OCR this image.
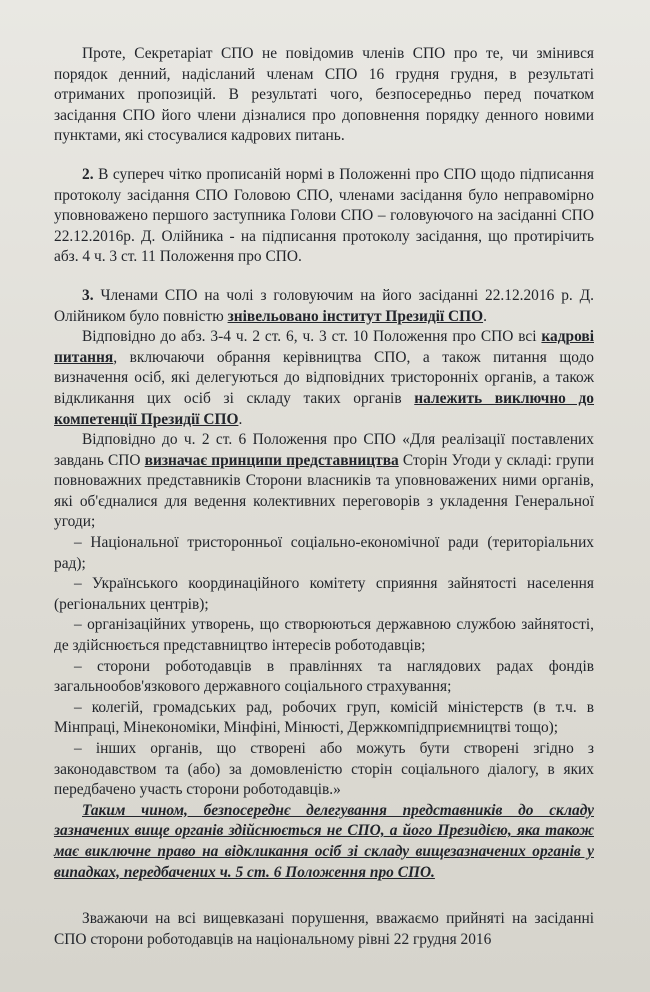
Проте, Секретаріат СПО не повідомив членів СПО про те, чи змінився порядок денний, надісланий членам СПО 16 грудня грудня, в результаті отриманих пропозицій. В результаті чого, безпосередньо перед початком засідання СПО його члени дізналися про доповнення порядку денного новими пунктами, які стосувалися кадрових питань.

2. В супереч чітко прописаній нормі в Положенні про СПО щодо підписання протоколу засідання СПО Головою СПО, членами засідання було неправомірно уповноважено першого заступника Голови СПО – головуючого на засіданні СПО 22.12.2016р. Д. Олійника - на підписання протоколу засідання, що протирічить абз. 4 ч. 3 ст. 11 Положення про СПО.

3. Членами СПО на чолі з головуючим на його засіданні 22.12.2016 р. Д. Олійником було повністю знівельовано інститут Президії СПО.

Відповідно до абз. 3-4 ч. 2 ст. 6, ч. 3 ст. 10 Положення про СПО всі кадрові питання, включаючи обрання керівництва СПО, а також питання щодо визначення осіб, які делегуються до відповідних тристоронніх органів, а також відкликання цих осіб зі складу таких органів належить виключно до компетенції Президії СПО.

Відповідно до ч. 2 ст. 6 Положення про СПО «Для реалізації поставлених завдань СПО визначає принципи представництва Сторін Угоди у складі: групи повноважних представників Сторони власників та уповноважених ними органів, які об'єдналися для ведення колективних переговорів з укладення Генеральної угоди;

– Національної тристоронньої соціально-економічної ради (територіальних рад);

– Українського координаційного комітету сприяння зайнятості населення (регіональних центрів);

– організаційних утворень, що створюються державною службою зайнятості, де здійснюється представництво інтересів роботодавців;

– сторони роботодавців в правліннях та наглядових радах фондів загальнообов'язкового державного соціального страхування;

– колегій, громадських рад, робочих груп, комісій міністерств (в т.ч. в Мінпраці, Мінекономіки, Мінфіні, Мінюсті, Держкомпідприємництві тощо);

– інших органів, що створені або можуть бути створені згідно з законодавством та (або) за домовленістю сторін соціального діалогу, в яких передбачено участь сторони роботодавців.»

Таким чином, безпосереднє делегування представників до складу зазначених вище органів здійснюється не СПО, а його Президією, яка також має виключне право на відкликання осіб зі складу вищезазначених органів у випадках, передбачених ч. 5 ст. 6 Положення про СПО.

Зважаючи на всі вищевказані порушення, вважаємо прийняті на засіданні СПО сторони роботодавців на національному рівні 22 грудня 2016
